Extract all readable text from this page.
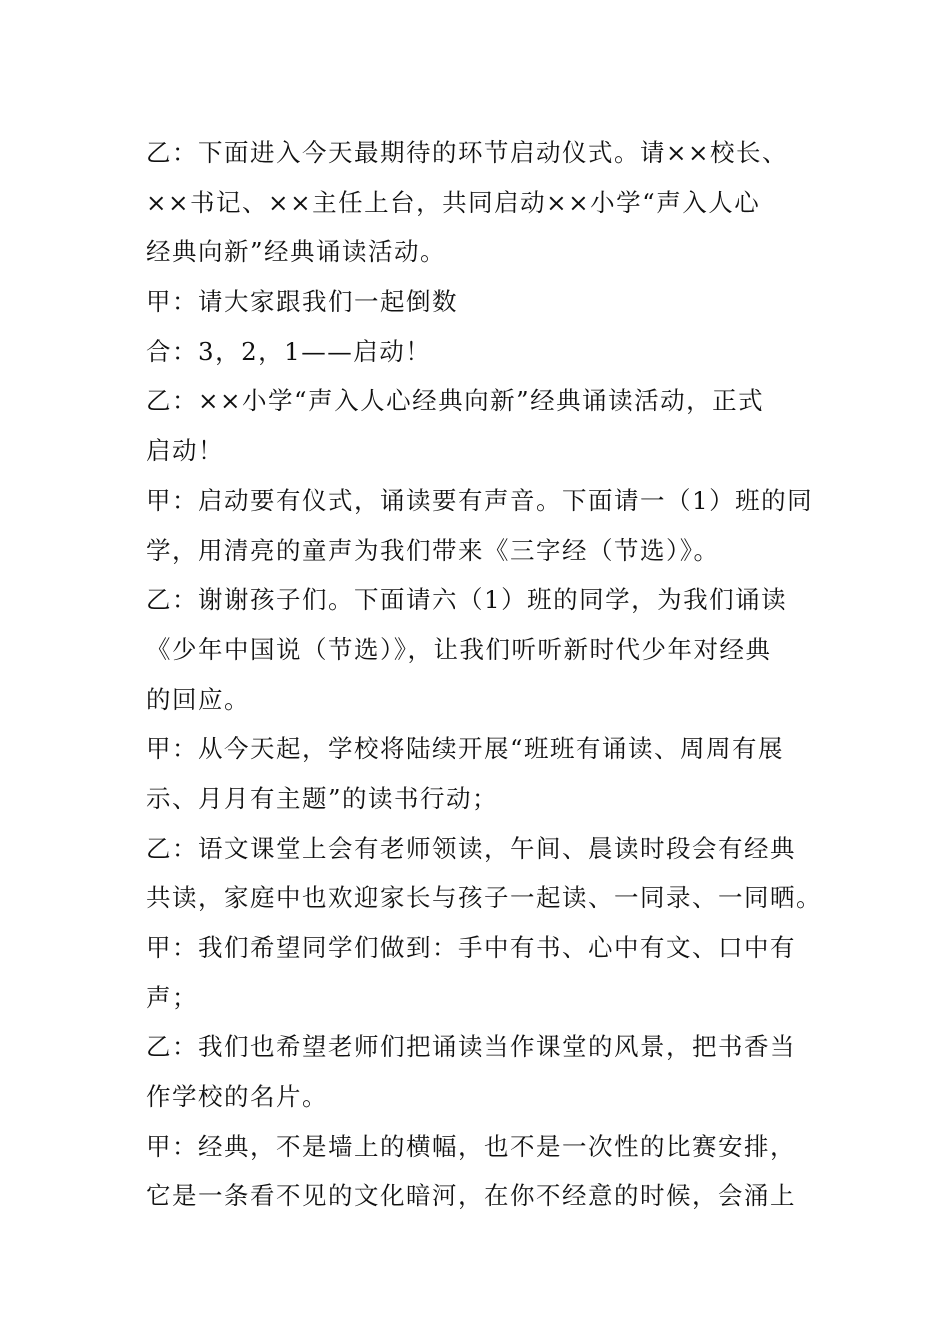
乙：下面进入今天最期待的环节启动仪式。请××校长、
××书记、××主任上台，共同启动××小学“声入人心
经典向新”经典诵读活动。
甲：请大家跟我们一起倒数
合：3，2，1——启动！
乙：××小学“声入人心经典向新”经典诵读活动，正式
启动！
甲：启动要有仪式，诵读要有声音。下面请一（1）班的同
学，用清亮的童声为我们带来《三字经（节选）》。
乙：谢谢孩子们。下面请六（1）班的同学，为我们诵读
《少年中国说（节选）》，让我们听听新时代少年对经典
的回应。
甲：从今天起，学校将陆续开展“班班有诵读、周周有展
示、月月有主题”的读书行动；
乙：语文课堂上会有老师领读，午间、晨读时段会有经典
共读，家庭中也欢迎家长与孩子一起读、一同录、一同晒。
甲：我们希望同学们做到：手中有书、心中有文、口中有
声；
乙：我们也希望老师们把诵读当作课堂的风景，把书香当
作学校的名片。
甲：经典，不是墙上的横幅，也不是一次性的比赛安排，
它是一条看不见的文化暗河，在你不经意的时候，会涌上
